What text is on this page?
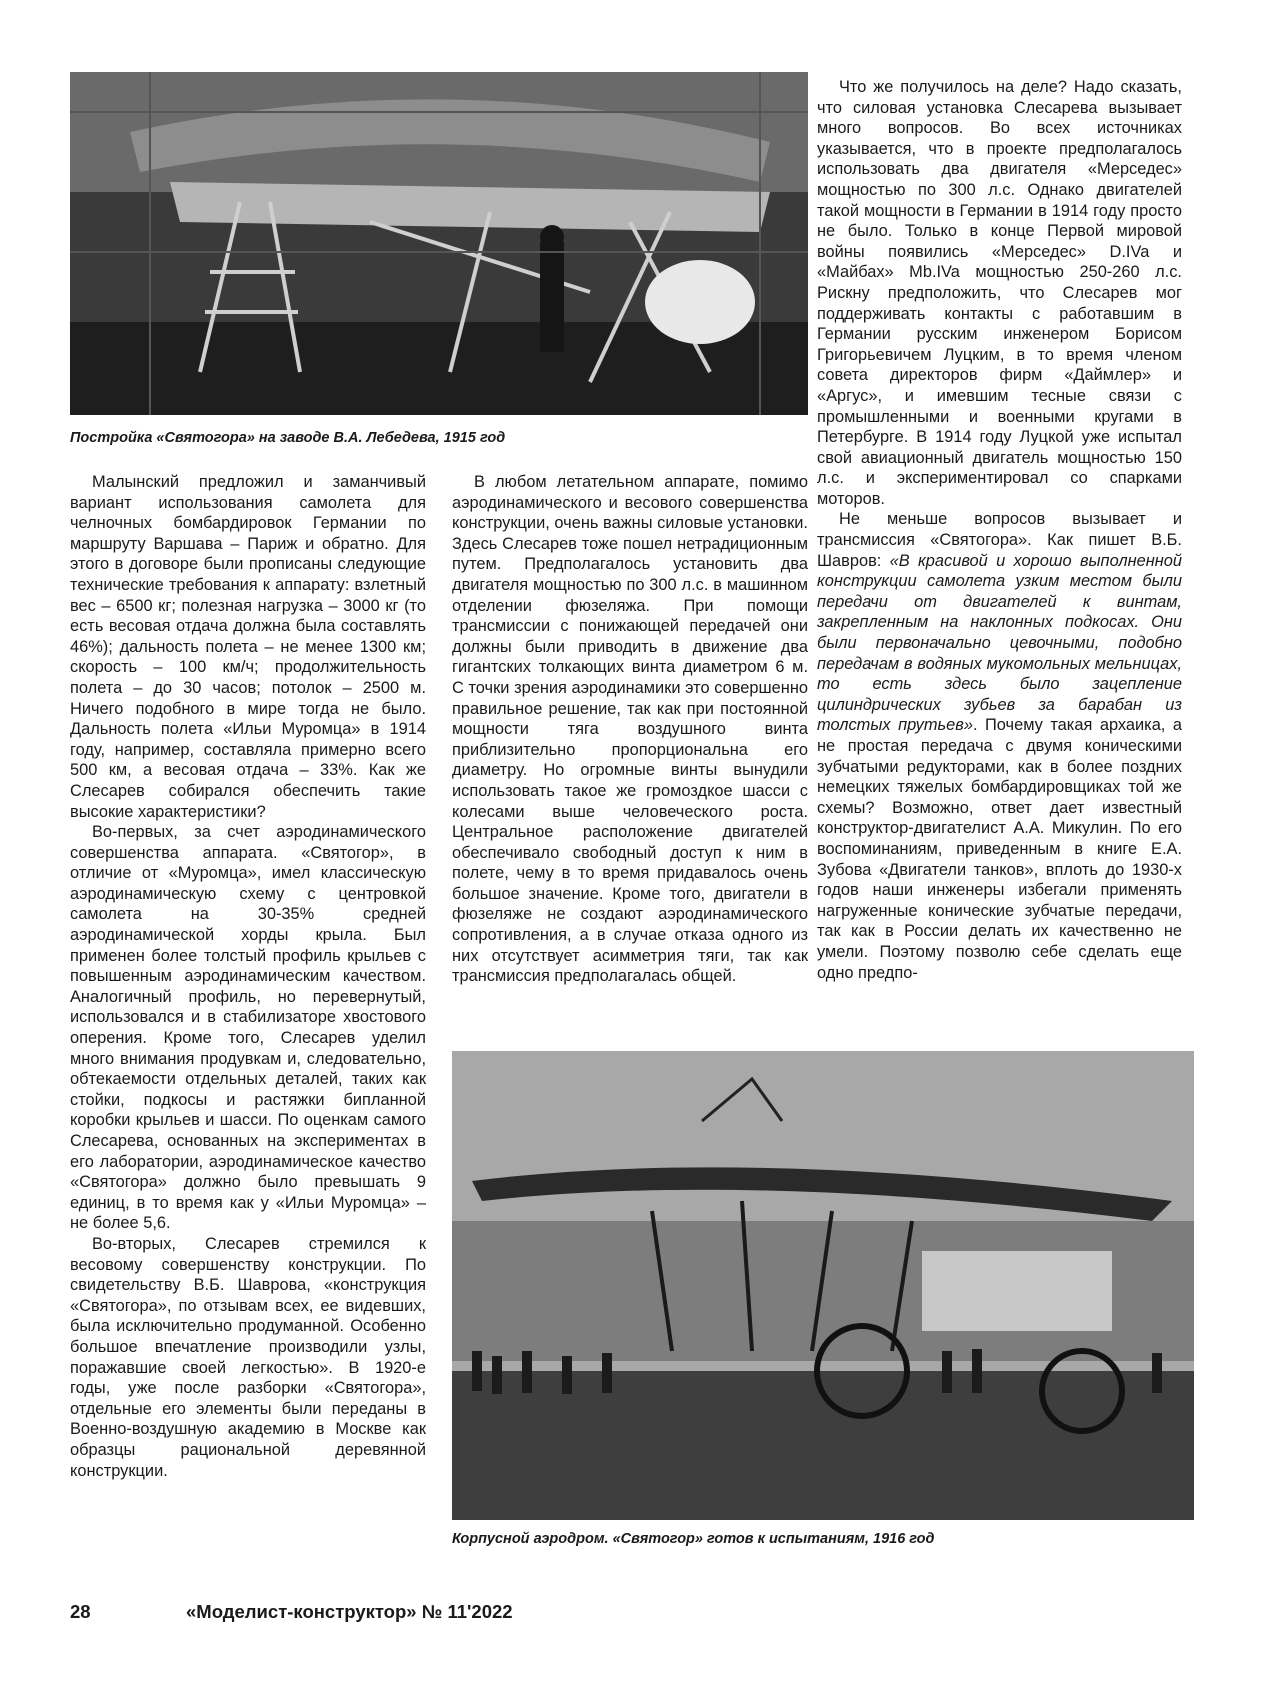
Постройка «Святогора» на заводе В.А. Лебедева, 1915 год

Малынский предложил и заманчивый вариант использования самолета для челночных бомбардировок Германии по маршруту Варшава – Париж и обратно. Для этого в договоре были прописаны следующие технические требования к аппарату: взлетный вес – 6500 кг; полезная нагрузка – 3000 кг (то есть весовая отдача должна была составлять 46%); дальность полета – не менее 1300 км; скорость – 100 км/ч; продолжительность полета – до 30 часов; потолок – 2500 м. Ничего подобного в мире тогда не было. Дальность полета «Ильи Муромца» в 1914 году, например, составляла примерно всего 500 км, а весовая отдача – 33%. Как же Слесарев собирался обеспечить такие высокие характеристики?

Во-первых, за счет аэродинамического совершенства аппарата. «Святогор», в отличие от «Муромца», имел классическую аэродинамическую схему с центровкой самолета на 30-35% средней аэродинамической хорды крыла. Был применен более толстый профиль крыльев с повышенным аэродинамическим качеством. Аналогичный профиль, но перевернутый, использовался и в стабилизаторе хвостового оперения. Кроме того, Слесарев уделил много внимания продувкам и, следовательно, обтекаемости отдельных деталей, таких как стойки, подкосы и растяжки бипланной коробки крыльев и шасси. По оценкам самого Слесарева, основанных на экспериментах в его лаборатории, аэродинамическое качество «Святогора» должно было превышать 9 единиц, в то время как у «Ильи Муромца» – не более 5,6.

Во-вторых, Слесарев стремился к весовому совершенству конструкции. По свидетельству В.Б. Шаврова, «конструкция «Святогора», по отзывам всех, ее видевших, была исключительно продуманной. Особенно большое впечатление производили узлы, поражавшие своей легкостью». В 1920-е годы, уже после разборки «Святогора», отдельные его элементы были переданы в Военно-воздушную академию в Москве как образцы рациональной деревянной конструкции.

В любом летательном аппарате, помимо аэродинамического и весового совершенства конструкции, очень важны силовые установки. Здесь Слесарев тоже пошел нетрадиционным путем. Предполагалось установить два двигателя мощностью по 300 л.с. в машинном отделении фюзеляжа. При помощи трансмиссии с понижающей передачей они должны были приводить в движение два гигантских толкающих винта диаметром 6 м. С точки зрения аэродинамики это совершенно правильное решение, так как при постоянной мощности тяга воздушного винта приблизительно пропорциональна его диаметру. Но огромные винты вынудили использовать такое же громоздкое шасси с колесами выше человеческого роста. Центральное расположение двигателей обеспечивало свободный доступ к ним в полете, чему в то время придавалось очень большое значение. Кроме того, двигатели в фюзеляже не создают аэродинамического сопротивления, а в случае отказа одного из них отсутствует асимметрия тяги, так как трансмиссия предполагалась общей.

Что же получилось на деле? Надо сказать, что силовая установка Слесарева вызывает много вопросов. Во всех источниках указывается, что в проекте предполагалось использовать два двигателя «Мерседес» мощностью по 300 л.с. Однако двигателей такой мощности в Германии в 1914 году просто не было. Только в конце Первой мировой войны появились «Мерседес» D.IVa и «Майбах» Mb.IVa мощностью 250-260 л.с. Рискну предположить, что Слесарев мог поддерживать контакты с работавшим в Германии русским инженером Борисом Григорьевичем Луцким, в то время членом совета директоров фирм «Даймлер» и «Аргус», и имевшим тесные связи с промышленными и военными кругами в Петербурге. В 1914 году Луцкой уже испытал свой авиационный двигатель мощностью 150 л.с. и экспериментировал со спарками моторов.

Не меньше вопросов вызывает и трансмиссия «Святогора». Как пишет В.Б. Шавров: «В красивой и хорошо выполненной конструкции самолета узким местом были передачи от двигателей к винтам, закрепленным на наклонных подкосах. Они были первоначально цевочными, подобно передачам в водяных мукомольных мельницах, то есть здесь было зацепление цилиндрических зубьев за барабан из толстых прутьев». Почему такая архаика, а не простая передача с двумя коническими зубчатыми редукторами, как в более поздних немецких тяжелых бомбардировщиках той же схемы? Возможно, ответ дает известный конструктор-двигателист А.А. Микулин. По его воспоминаниям, приведенным в книге Е.А. Зубова «Двигатели танков», вплоть до 1930-х годов наши инженеры избегали применять нагруженные конические зубчатые передачи, так как в России делать их качественно не умели. Поэтому позволю себе сделать еще одно предпо-

Корпусной аэродром. «Святогор» готов к испытаниям, 1916 год
28	«Моделист-конструктор» № 11'2022
